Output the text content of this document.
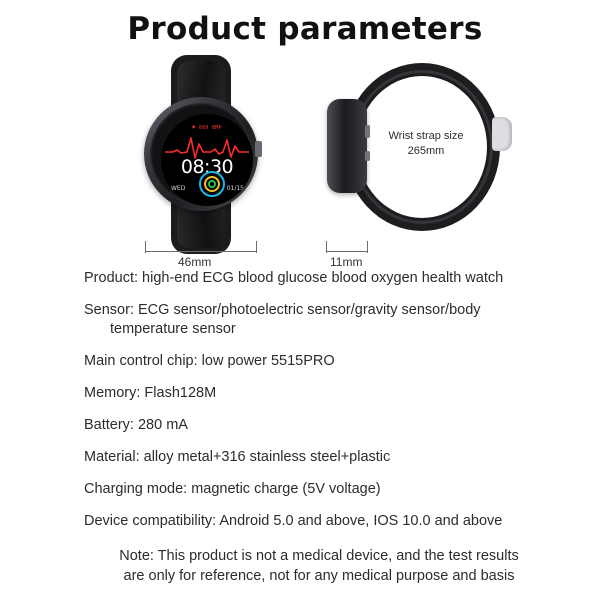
Product parameters
♥ 089 BMP
08:30
WED	01/15
46mm
Wrist strap size
265mm
11mm
Product: high-end ECG blood glucose blood oxygen health watch
Sensor: ECG sensor/photoelectric sensor/gravity sensor/body
temperature sensor
Main control chip: low power 5515PRO
Memory: Flash128M
Battery: 280 mA
Material: alloy metal+316 stainless steel+plastic
Charging mode: magnetic charge (5V voltage)
Device compatibility: Android 5.0 and above, IOS 10.0 and above
Note: This product is not a medical device, and the test results
are only for reference, not for any medical purpose and basis
